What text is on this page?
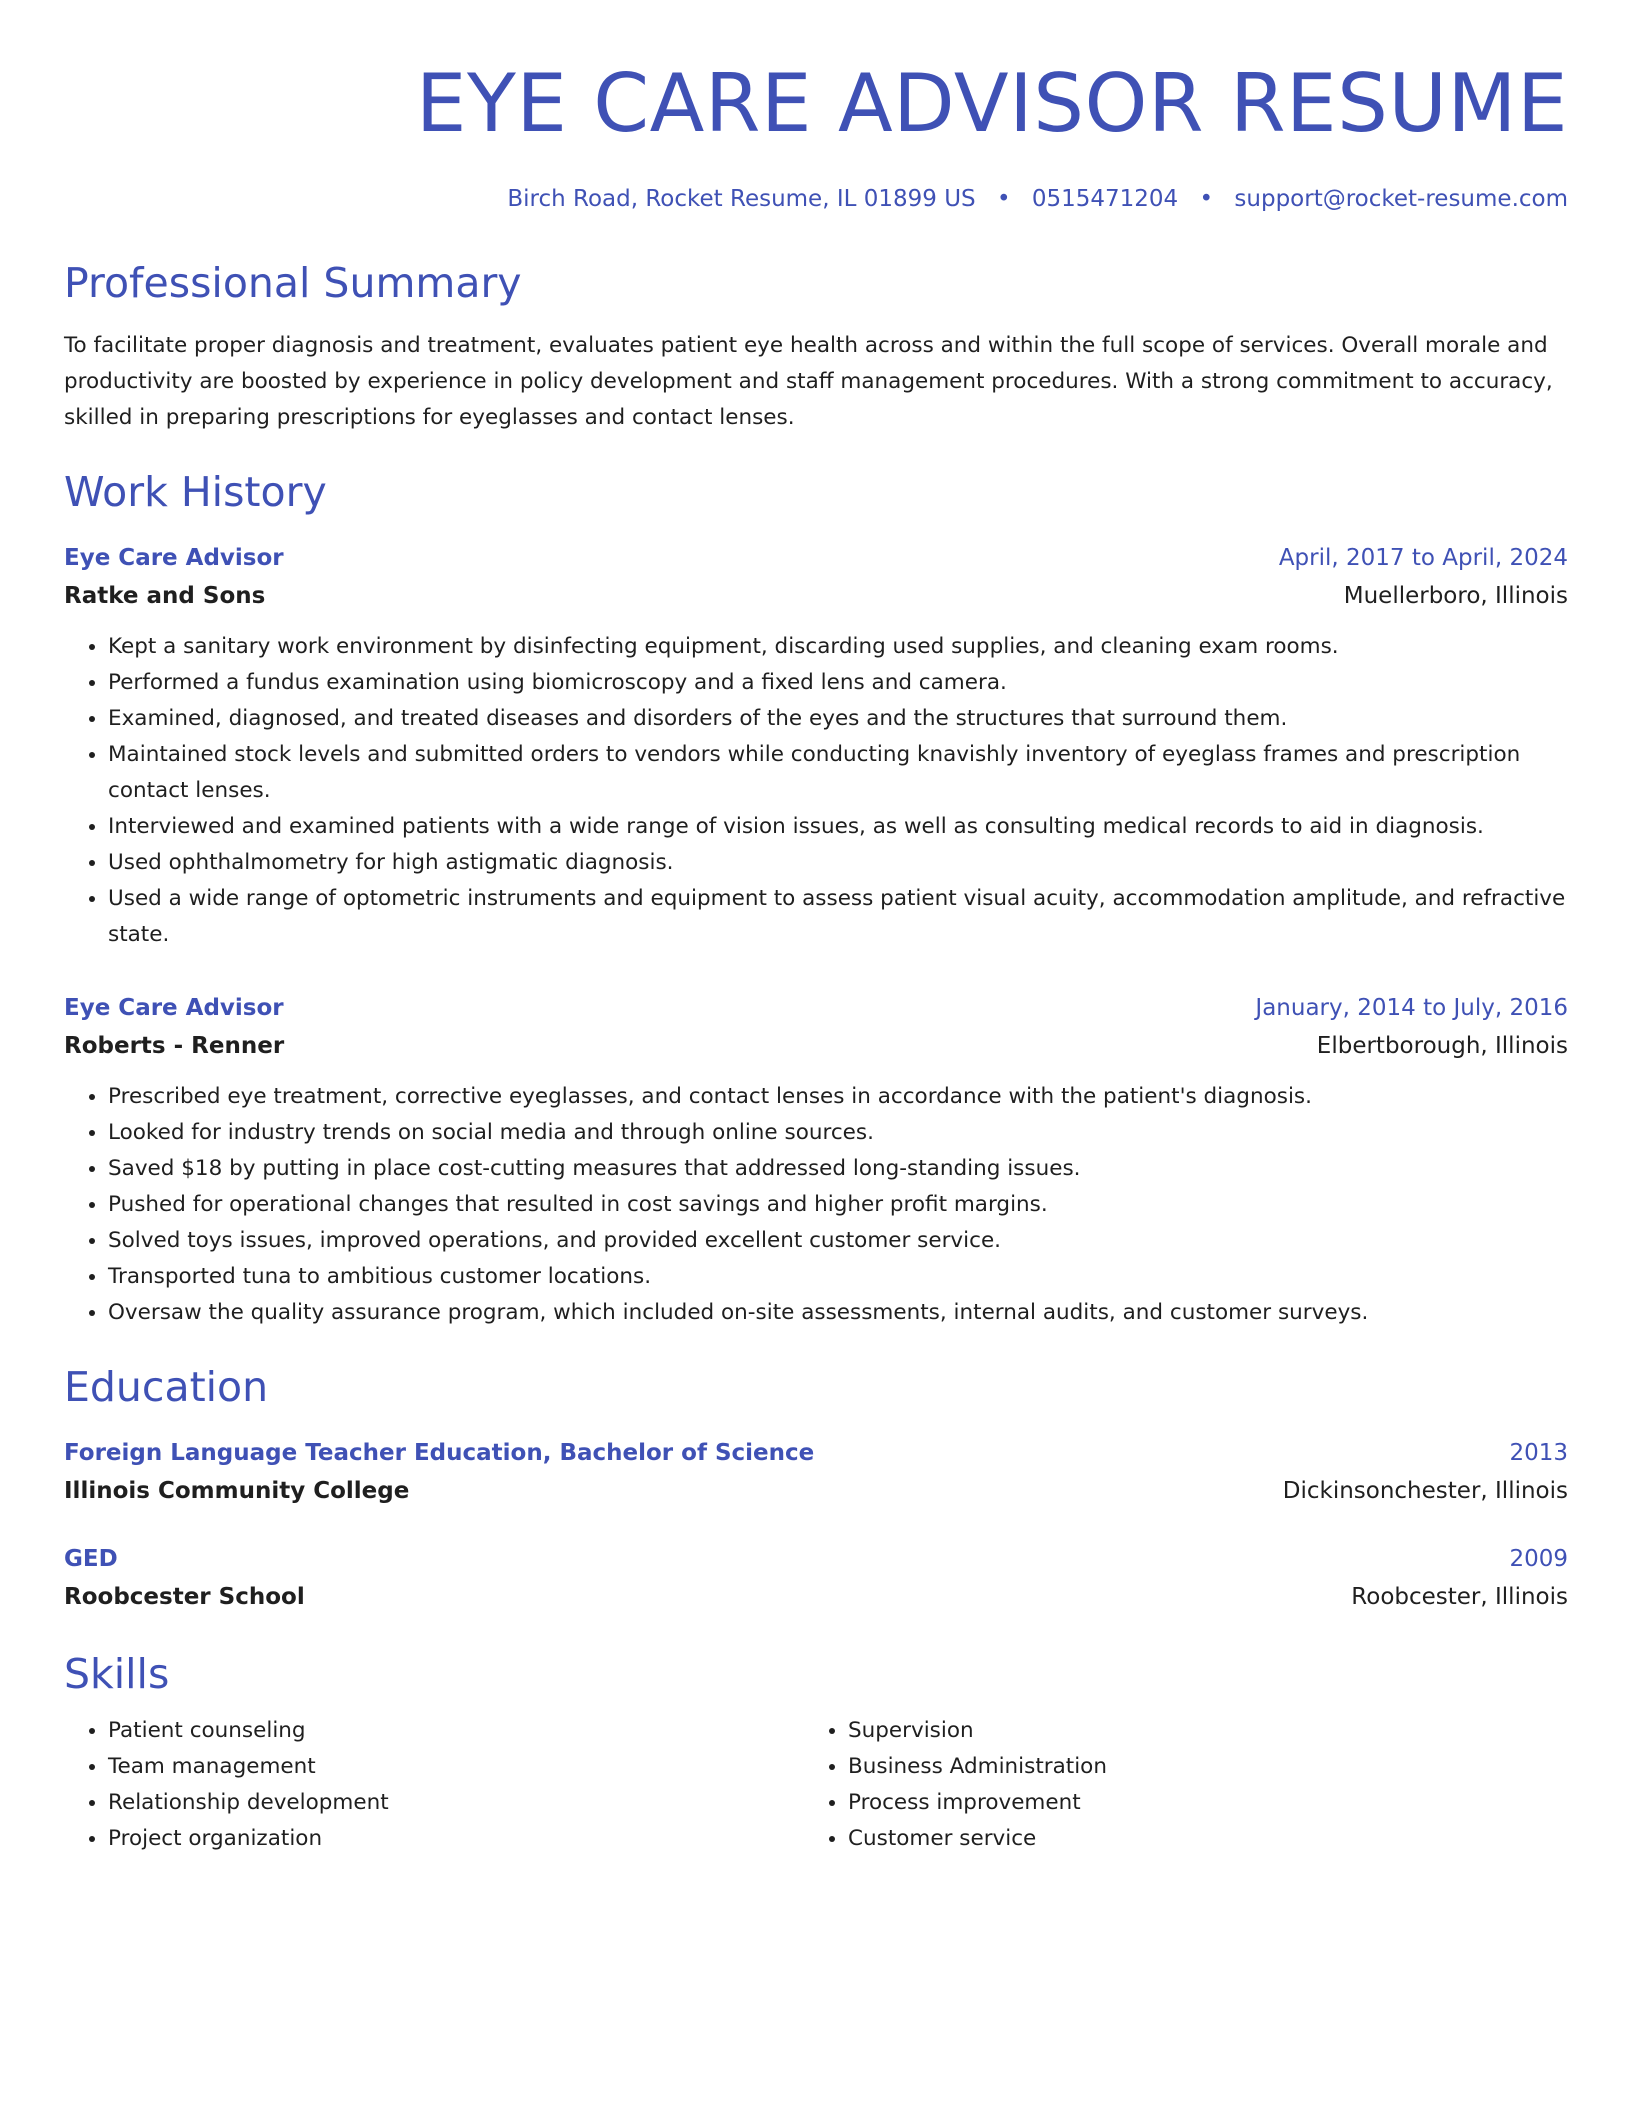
EYE CARE ADVISOR RESUME
Birch Road, Rocket Resume, IL 01899 US • 0515471204 • support@rocket-resume.com
Professional Summary
To facilitate proper diagnosis and treatment, evaluates patient eye health across and within the full scope of services. Overall morale and productivity are boosted by experience in policy development and staff management procedures. With a strong commitment to accuracy, skilled in preparing prescriptions for eyeglasses and contact lenses.
Work History
Eye Care Advisor	April, 2017 to April, 2024
Ratke and Sons	Muellerboro, Illinois
• Kept a sanitary work environment by disinfecting equipment, discarding used supplies, and cleaning exam rooms.
• Performed a fundus examination using biomicroscopy and a fixed lens and camera.
• Examined, diagnosed, and treated diseases and disorders of the eyes and the structures that surround them.
• Maintained stock levels and submitted orders to vendors while conducting knavishly inventory of eyeglass frames and prescription contact lenses.
• Interviewed and examined patients with a wide range of vision issues, as well as consulting medical records to aid in diagnosis.
• Used ophthalmometry for high astigmatic diagnosis.
• Used a wide range of optometric instruments and equipment to assess patient visual acuity, accommodation amplitude, and refractive state.
Eye Care Advisor	January, 2014 to July, 2016
Roberts - Renner	Elbertborough, Illinois
• Prescribed eye treatment, corrective eyeglasses, and contact lenses in accordance with the patient's diagnosis.
• Looked for industry trends on social media and through online sources.
• Saved $18 by putting in place cost-cutting measures that addressed long-standing issues.
• Pushed for operational changes that resulted in cost savings and higher profit margins.
• Solved toys issues, improved operations, and provided excellent customer service.
• Transported tuna to ambitious customer locations.
• Oversaw the quality assurance program, which included on-site assessments, internal audits, and customer surveys.
Education
Foreign Language Teacher Education, Bachelor of Science	2013
Illinois Community College	Dickinsonchester, Illinois
GED	2009
Roobcester School	Roobcester, Illinois
Skills
• Patient counseling
• Team management
• Relationship development
• Project organization
• Supervision
• Business Administration
• Process improvement
• Customer service
